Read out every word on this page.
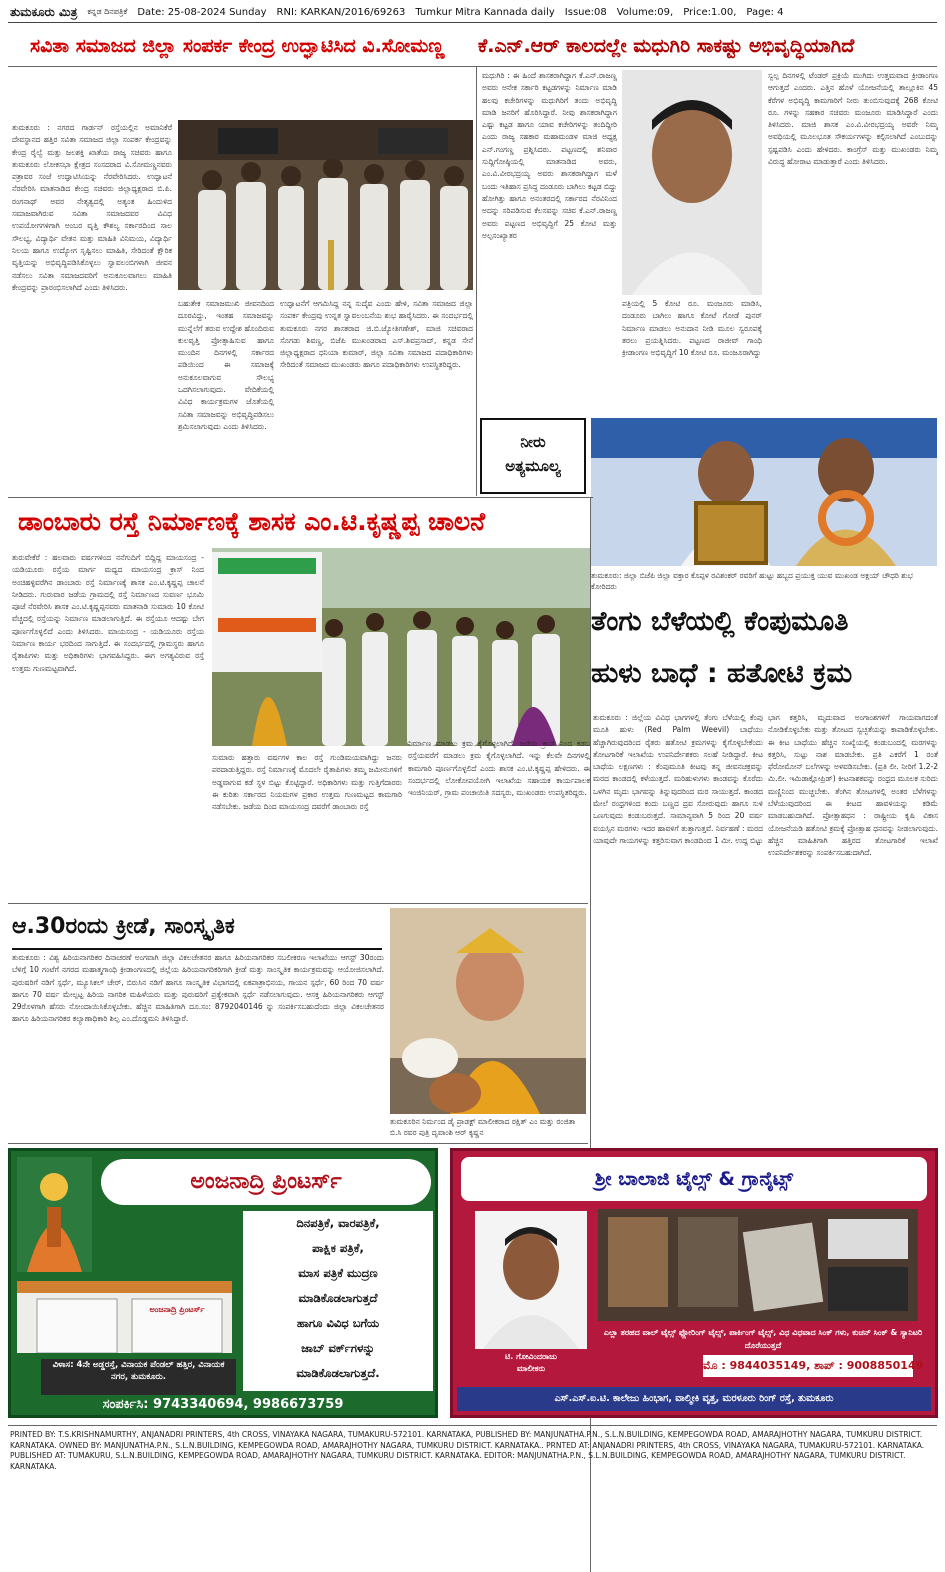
ತುಮಕೂರು ಮಿತ್ರ ಕನ್ನಡ ದಿನಪತ್ರಿಕೆ Date: 25-08-2024 Sunday RNI: KARKAN/2016/69263 Tumkur Mitra Kannada daily Issue:08 Volume:09, Price:1.00, Page: 4
ಸವಿತಾ ಸಮಾಜದ ಜಿಲ್ಲಾ ಸಂಪರ್ಕ ಕೇಂದ್ರ ಉದ್ಘಾಟಿಸಿದ ವಿ.ಸೋಮಣ್ಣ	ಕೆ.ಎನ್.ಆರ್ ಕಾಲದಲ್ಲೇ ಮಧುಗಿರಿ ಸಾಕಷ್ಟು ಅಭಿವೃದ್ಧಿಯಾಗಿದೆ
ತುಮಕೂರು : ನಗರದ ಗಾರ್ಡನ್ ರಸ್ತೆಯಲ್ಲಿನ ಅಮಾನಿಕೆರೆ ದೇವಸ್ಥಾನದ ಹತ್ತಿರ ಸವಿತಾ ಸಮಾಜದ ಜಿಲ್ಲಾ ಸಂಪರ್ಕ ಕೇಂದ್ರವನ್ನು ಕೇಂದ್ರ ರೈಲ್ವೆ ಮತ್ತು ಜಲಶಕ್ತಿ ಖಾತೆಯ ರಾಜ್ಯ ಸಚಿವರು ಹಾಗೂ ತುಮಕೂರು ಲೋಕಸಭಾ ಕ್ಷೇತ್ರದ ಸಂಸದರಾದ ವಿ.ಸೋಮಣ್ಣನವರು ಪತ್ರಾವರ ಸಂಜೆ ಉದ್ಘಾಟಿಸಿಯನ್ನು ನೆರವೇರಿಸಿದರು. ಉದ್ಘಾಟನೆ ನೆರವೇರಿಸಿ ಮಾತನಾಡಿದ ಕೇಂದ್ರ ಸಚಿವರು ಜಿಲ್ಲಾಧ್ಯಕ್ಷರಾದ ಬಿ.ಪಿ. ರಂಗನಾಥ್ ಅವರ ನೇತೃತ್ವದಲ್ಲಿ ಅತ್ಯಂತ ಹಿಂದುಳಿದ ಸಮಾಜವಾಗಿರುವ ಸವಿತಾ ಸಮಾಜದವರ ವಿವಿಧ ಉಪಯೋಗಗಳಿಗಾಗಿ ಅಂಬರ ವೃತ್ತಿ ಕೌಶಲ್ಯ ಸರ್ಕಾರದಿಂದ ಸಾಲ ಸೌಲಭ್ಯ, ವಿದ್ಯಾರ್ಥಿ ವೇತನ ಮತ್ತು ಮಾಹಿತಿ ವಿನಿಮಯ, ವಿದ್ಯಾರ್ಥಿ ನಿಲಯ ಹಾಗೂ ಉದ್ಯೋಗ ಸೃಷ್ಟಿಸಲು ಮಾಹಿತಿ, ಸೇರಿದಂತೆ ಕ್ಷೌರಿಕ ವೃತ್ತಿಯನ್ನು ಅಭಿವೃದ್ಧಿಪಡಿಸಿಕೊಳ್ಳಲು ಸ್ವಾವಲಂಬಿಗಳಾಗಿ ಜೀವನ ನಡೆಸಲು ಸವಿತಾ ಸಮಾಜದವರಿಗೆ ಅನುಕೂಲವಾಗಲು ಮಾಹಿತಿ ಕೇಂದ್ರವನ್ನು ಪ್ರಾರಂಭಿಸಲಾಗಿದೆ ಎಂದು ತಿಳಿಸಿದರು.
ಬಹುತೇಕ ಸಮಾಜಮುಖಿ ಜೀವನದಿಂದ ದೂರವಿದ್ದು, ಇಂತಹ ಸಮಾಜವನ್ನು ಮುನ್ನೆಲೆಗೆ ತರುವ ಉದ್ದೇಶ ಹೊಂದಿರುವ ಕುಲವೃತ್ತಿ ಪ್ರೋತ್ಸಾಹಿಸುವ ಹಾಗೂ ಮುಂದಿನ ದಿನಗಳಲ್ಲಿ ಸರ್ಕಾರದ ಪಡಿಯಿಂದ ಈ ಸಮಾಜಕ್ಕೆ ಅನುಕೂಲವಾಗುವ ಸೌಲಭ್ಯ ಒದಗಿಸಲಾಗುವುದು. ವೇದಿಕೆಯಲ್ಲಿ ವಿವಿಧ ಕಾರ್ಯಕ್ರಮಗಳ ಜೊತೆಯಲ್ಲಿ ಸವಿತಾ ಸಮಾಜವನ್ನು ಅಭಿವೃದ್ಧಿಪಡಿಸಲು ಶ್ರಮಿಸಲಾಗುವುದು ಎಂದು ತಿಳಿಸಿದರು.
ಉದ್ಘಾಟನೆಗೆ ಆಗಮಿಸಿದ್ದ ನನ್ನ ಸುದೈವ ಎಂದು ಹೇಳಿ, ಸವಿತಾ ಸಮಾಜದ ಜಿಲ್ಲಾ ಸಂಪರ್ಕ ಕೇಂದ್ರವು ಉನ್ನತ ಸ್ವಾವಲಂಬನೆಯ ಶುಭ ಹಾರೈಸಿದರು. ಈ ಸಂದರ್ಭದಲ್ಲಿ ತುಮಕೂರು ನಗರ ಶಾಸಕರಾದ ಜಿ.ಬಿ.ಜ್ಯೋತಿಗಣೇಶ್, ಮಾಜಿ ಸಚಿವರಾದ ಸೊಗಡು ಶಿವಣ್ಣ, ಬಿಜೆಪಿ ಮುಖಂಡರಾದ ಎಸ್.ಶಿವಪ್ರಸಾದ್, ಕನ್ನಡ ಸೇನೆ ಜಿಲ್ಲಾಧ್ಯಕ್ಷರಾದ ಧನಿಯಾ ಕುಮಾರ್, ಜಿಲ್ಲಾ ಸವಿತಾ ಸಮಾಜದ ಪದಾಧಿಕಾರಿಗಳು ಸೇರಿದಂತೆ ಸಮಾಜದ ಮುಖಂಡರು ಹಾಗೂ ಪದಾಧಿಕಾರಿಗಳು ಉಪಸ್ಥಿತರಿದ್ದರು.
ಮಧುಗಿರಿ : ಈ ಹಿಂದೆ ಶಾಸಕರಾಗಿದ್ದಾಗ ಕೆ.ಎನ್.ರಾಜಣ್ಣ ಅವರು ಅನೇಕ ಸರ್ಕಾರಿ ಕಟ್ಟಡಗಳನ್ನು ನಿರ್ಮಾಣ ಮಾಡಿ ಹಲವು ಕಚೇರಿಗಳನ್ನು ಮಧುಗಿರಿಗೆ ತಂದು ಅಭಿವೃದ್ಧಿ ಮಾಡಿ ಜನರಿಗೆ ಹೊರಿಸಿದ್ದಾರೆ. ನೀವು ಶಾಸಕರಾಗಿದ್ದಾಗ ಎಷ್ಟು ಕಟ್ಟಡ ಹಾಗೂ ಯಾವ ಕಚೇರಿಗಳನ್ನು ತಂದಿದ್ದೀರಿ ಎಂದು ರಾಜ್ಯ ಸಹಕಾರ ಮಹಾಮಂಡಳ ಮಾಜಿ ಅಧ್ಯಕ್ಷ ಎನ್.ಗಂಗಣ್ಣ ಪ್ರಶ್ನಿಸಿದರು. ಪಟ್ಟಣದಲ್ಲಿ ಶನಿವಾರ ಸುದ್ದಿಗೋಷ್ಠಿಯಲ್ಲಿ ಮಾತನಾಡಿದ ಅವರು, ಎಂ.ವಿ.ವೀರಭದ್ರಯ್ಯ ಅವರು ಶಾಸಕರಾಗಿದ್ದಾಗ ಮಳೆ ಬಂದು ಇತಿಹಾಸ ಪ್ರಸಿದ್ಧ ದಂಡೂರು ಬಾಗಿಲು ಕಟ್ಟಡ ಬಿದ್ದು ಹೋಗಿತ್ತು ಹಾಗೂ ಅನಂತರದಲ್ಲಿ ಸರ್ಕಾರದ ನೆರವಿನಿಂದ ಅದನ್ನು ಸರಿಪಡಿಸುವ ಕೆಲಸವನ್ನು ಸಚಿವ ಕೆ.ಎನ್.ರಾಜಣ್ಣ ಅವರು ಪಟ್ಟಣದ ಅಭಿವೃದ್ಧಿಗೆ 25 ಕೋಟಿ ಮತ್ತು ಅಲ್ಪಸಂಖ್ಯಾತರ
ಪತ್ರಿಯಲ್ಲಿ 5 ಕೋಟಿ ರೂ. ಮಂಜೂರು ಮಾಡಿಸಿ, ದಂಡೂರು ಬಾಗಿಲು ಹಾಗೂ ಕೋಟೆ ಗೋಡೆ ಪುನರ್ ನಿರ್ಮಾಣ ಮಾಡಲು ಅನುದಾನ ನೀಡಿ ಮೂಲ ಸ್ವರೂಪಕ್ಕೆ ತರಲು ಪ್ರಯತ್ನಿಸಿದರು. ಪಟ್ಟಣದ ರಾಜೀವ್ ಗಾಂಧಿ ಕ್ರೀಡಾಂಗಣ ಅಭಿವೃದ್ಧಿಗೆ 10 ಕೋಟಿ ರೂ. ಮಂಜೂರಾಗಿದ್ದು
ಸ್ವಲ್ಪ ದಿನಗಳಲ್ಲಿ ಟೆಂಡರ್ ಪ್ರಕ್ರಿಯೆ ಮುಗಿದು ಉತ್ತಮವಾದ ಕ್ರೀಡಾಂಗಣ ಆಗುತ್ತದೆ ಎಂದರು. ಎತ್ತಿನ ಹೊಳೆ ಯೋಜನೆಯಲ್ಲಿ ತಾಲ್ಲೂಕಿನ 45 ಕೆರೆಗಳ ಅಭಿವೃದ್ಧಿ ಕಾಮಗಾರಿಗೆ ನೀರು ತುಂಬಿಸುವುದಕ್ಕೆ 268 ಕೋಟಿ ರೂ. ಗಳನ್ನು ಸಹಕಾರ ಸಚಿವರು ಮಂಜೂರು ಮಾಡಿಸಿದ್ದಾರೆ ಎಂದು ತಿಳಿಸಿದರು. ಮಾಜಿ ಶಾಸಕ ಎಂ.ವಿ.ವೀರಭದ್ರಯ್ಯ ಅವರೇ ನಿಮ್ಮ ಅವಧಿಯಲ್ಲಿ ಮೂಲಭೂತ ಸೌಕರ್ಯಗಳನ್ನು ಕಲ್ಪಿಸಲಾಗಿದೆ ಎಂಬುದನ್ನು ಸ್ಪಷ್ಟಪಡಿಸಿ ಎಂದು ಹೇಳಿದರು. ಕಾಂಗ್ರೆಸ್ ಮತ್ತು ಮುಖಂಡರು ನಿಮ್ಮ ವಿರುದ್ಧ ಹೋರಾಟ ಮಾಡುತ್ತಾರೆ ಎಂದು ತಿಳಿಸಿದರು.
ನೀರು
ಅತ್ಯಮೂಲ್ಯ
ಡಾಂಬಾರು ರಸ್ತೆ ನಿರ್ಮಾಣಕ್ಕೆ ಶಾಸಕ ಎಂ.ಟಿ.ಕೃಷ್ಣಪ್ಪ ಚಾಲನೆ
ತುರುವೇಕೆರೆ : ಹಲವಾರು ವರ್ಷಗಳಿಂದ ನನೆಗುದಿಗೆ ಬಿದ್ದಿದ್ದ ಮಾಯಸಂದ್ರ - ಯಡಿಯೂರು ರಸ್ತೆಯ ಮಾರ್ಗ ಮಧ್ಯದ ಮಾಯಸಂದ್ರ ಕ್ರಾಸ್ ನಿಂದ ಅಂಚಿಹಳ್ಳಿವರೆಗಿನ ಡಾಂಬಾರು ರಸ್ತೆ ನಿರ್ಮಾಣಕ್ಕೆ ಶಾಸಕ ಎಂ.ಟಿ.ಕೃಷ್ಣಪ್ಪ ಚಾಲನೆ ನೀಡಿದರು. ಗುರುವಾರ ಜಡೆಯ ಗ್ರಾಮದಲ್ಲಿ ರಸ್ತೆ ನಿರ್ಮಾಣದ ಸುವರ್ಣ ಭೂಮಿ ಪೂಜೆ ನೆರವೇರಿಸಿ ಶಾಸಕ ಎಂ.ಟಿ.ಕೃಷ್ಣಪ್ಪನವರು ಮಾತನಾಡಿ ಸುಮಾರು 10 ಕೋಟಿ ವೆಚ್ಚದಲ್ಲಿ ರಸ್ತೆಯನ್ನು ನಿರ್ಮಾಣ ಮಾಡಲಾಗುತ್ತಿದೆ. ಈ ರಸ್ತೆಯೂ ಆದಷ್ಟು ಬೇಗ ಪೂರ್ಣಗೊಳ್ಳಲಿದೆ ಎಂದು ತಿಳಿಸಿದರು. ಮಾಯಸಂದ್ರ - ಯಡಿಯೂರು ರಸ್ತೆಯ ನಿರ್ಮಾಣ ಕಾರ್ಯ ಭರದಿಂದ ಸಾಗುತ್ತಿದೆ. ಈ ಸಂದರ್ಭದಲ್ಲಿ ಗ್ರಾಮಸ್ಥರು ಹಾಗೂ ರೈತಾಪಿಗಳು ಮತ್ತು ಅಧಿಕಾರಿಗಳು ಭಾಗವಹಿಸಿದ್ದರು. ಈಗ ಅಗತ್ಯವಿರುವ ರಸ್ತೆ ಉತ್ತಮ ಗುಣಮಟ್ಟವಾಗಿದೆ.
ಸುಮಾರು ಹತ್ತಾರು ವರ್ಷಗಳ ಕಾಲ ರಸ್ತೆ ಗುಂಡಿಮಯವಾಗಿದ್ದು ಜನರು ಪರದಾಡುತ್ತಿದ್ದರು. ರಸ್ತೆ ನಿರ್ಮಾಣಕ್ಕೆ ಮೊದಲೇ ರೈತಾಪಿಗಳು ತಮ್ಮ ಜಮೀನುಗಳಿಗೆ ಅಡ್ಡವಾಗುವ ಕಡೆ ಸ್ಥಳ ಬಿಟ್ಟು ಕೊಟ್ಟಿದ್ದಾರೆ. ಅಧಿಕಾರಿಗಳು ಮತ್ತು ಗುತ್ತಿಗೆದಾರರು ಈ ಕುರಿತು ಸರ್ಕಾರದ ನಿಯಮಗಳ ಪ್ರಕಾರ ಉತ್ತಮ ಗುಣಮಟ್ಟದ ಕಾಮಗಾರಿ ನಡೆಸಬೇಕು. ಜಡೆಯ ದಿಂದ ಮಾಯಸಂದ್ರ ದವರೆಗೆ ಡಾಂಬಾರು ರಸ್ತೆ
ನಿರ್ಮಾಣ ಮಾಡಲು ಕ್ರಮ ಕೈಗೊಳ್ಳಲಾಗಿದೆ. ಜಡೆಯ ಕ್ರಾಸ್ ನಿಂದ ಕಡಬ ರಸ್ತೆಯವರೆಗೆ ಮಾಡಲು ಕ್ರಮ ಕೈಗೊಳ್ಳಲಾಗಿದೆ. ಇನ್ನು ಕೆಲವೇ ದಿನಗಳಲ್ಲಿ ಕಾಮಗಾರಿ ಪೂರ್ಣಗೊಳ್ಳಲಿದೆ ಎಂದು ಶಾಸಕ ಎಂ.ಟಿ.ಕೃಷ್ಣಪ್ಪ ಹೇಳಿದರು. ಈ ಸಂದರ್ಭದಲ್ಲಿ ಲೋಕೋಪಯೋಗಿ ಇಲಾಖೆಯ ಸಹಾಯಕ ಕಾರ್ಯಪಾಲಕ ಇಂಜಿನಿಯರ್, ಗ್ರಾಮ ಪಂಚಾಯಿತಿ ಸದಸ್ಯರು, ಮುಖಂಡರು ಉಪಸ್ಥಿತರಿದ್ದರು.
ತುಮಕೂರು: ಜಿಲ್ಲಾ ಬಿಜೆಪಿ ಜಿಲ್ಲಾ ವಕ್ತಾರ ಕೊಪ್ಪಳ ರವಿಶಂಕರ್ ರವರಿಗೆ ಹುಟ್ಟು ಹಬ್ಬದ ಪ್ರಯುಕ್ತ ಯುವ ಮುಖಂಡ ಅಕ್ಷಯ್ ಚೌಧರಿ ಶುಭ ಕೋರಿದರು
ತೆಂಗು ಬೆಳೆಯಲ್ಲಿ ಕೆಂಪುಮೂತಿ
ಹುಳು ಬಾಧೆ : ಹತೋಟಿ ಕ್ರಮ
ತುಮಕೂರು : ಜಿಲ್ಲೆಯ ವಿವಿಧ ಭಾಗಗಳಲ್ಲಿ ತೆಂಗು ಬೆಳೆಯಲ್ಲಿ ಕೆಂಪು ಮೂತಿ ಹುಳು (Red Palm Weevil) ಬಾಧೆಯು ಹೆಚ್ಚಾಗಿರುವುದರಿಂದ ರೈತರು ಹತೋಟಿ ಕ್ರಮಗಳನ್ನು ಕೈಗೊಳ್ಳಬೇಕೆಂದು ತೋಟಗಾರಿಕೆ ಇಲಾಖೆಯ ಉಪನಿರ್ದೇಶಕರು ಸಲಹೆ ನೀಡಿದ್ದಾರೆ. ಕೀಟ ಬಾಧೆಯ ಲಕ್ಷಣಗಳು : ಕೆಂಪುಮೂತಿ ಕೀಟವು ತನ್ನ ಜೀವನಚಕ್ರವನ್ನು ಮರದ ಕಾಂಡದಲ್ಲಿ ಕಳೆಯುತ್ತದೆ. ಮರಿಹುಳುಗಳು ಕಾಂಡವನ್ನು ಕೊರೆದು ಒಳಗಿನ ಮೃದು ಭಾಗವನ್ನು ತಿನ್ನುವುದರಿಂದ ಮರ ಸಾಯುತ್ತದೆ. ಕಾಂಡದ ಮೇಲೆ ರಂಧ್ರಗಳಿಂದ ಕಂದು ಬಣ್ಣದ ದ್ರವ ಸೋರುವುದು ಹಾಗೂ ಸುಳಿ ಒಣಗುವುದು ಕಂಡುಬರುತ್ತದೆ. ಸಾಮಾನ್ಯವಾಗಿ 5 ರಿಂದ 20 ವರ್ಷ ವಯಸ್ಸಿನ ಮರಗಳು ಇದರ ಹಾವಳಿಗೆ ತುತ್ತಾಗುತ್ತವೆ. ನಿರ್ವಹಣೆ : ಮರದ ಯಾವುದೇ ಗಾಯಗಳನ್ನು ಕತ್ತರಿಸುವಾಗ ಕಾಂಡದಿಂದ 1 ಮೀ. ಉದ್ದ ಬಿಟ್ಟು
ಭಾಗ ಕತ್ತರಿಸಿ, ಮೃದುವಾದ ಅಂಗಾಂಶಗಳಿಗೆ ಗಾಯವಾಗದಂತೆ ನೋಡಿಕೊಳ್ಳಬೇಕು ಮತ್ತು ತೋಟದ ಸ್ವಚ್ಛತೆಯನ್ನು ಕಾಪಾಡಿಕೊಳ್ಳಬೇಕು. ಈ ಕೀಟ ಬಾಧೆಯು ಹೆಚ್ಚಿನ ಸಂಖ್ಯೆಯಲ್ಲಿ ಕಂಡುಬಂದಲ್ಲಿ ಮರಗಳನ್ನು ಕತ್ತರಿಸಿ, ಸುಟ್ಟು ನಾಶ ಮಾಡಬೇಕು. ಪ್ರತಿ ಎಕರೆಗೆ 1 ರಂತೆ ಫೆರೋಮೋನ್ ಬಲೆಗಳನ್ನು ಅಳವಡಿಸಬೇಕು. (ಪ್ರತಿ ಲೀ. ನೀರಿಗೆ 1.2-2 ಮಿ.ಲೀ. ಇಮಿಡಾಕ್ಲೋಪ್ರಿಡ್) ಕೀಟನಾಶಕವನ್ನು ರಂಧ್ರದ ಮೂಲಕ ಸುರಿದು ಮಣ್ಣಿನಿಂದ ಮುಚ್ಚಬೇಕು. ತೆಂಗಿನ ತೋಟಗಳಲ್ಲಿ ಅಂತರ ಬೆಳೆಗಳನ್ನು ಬೆಳೆಯುವುದರಿಂದ ಈ ಕೀಟದ ಹಾವಳಿಯನ್ನು ಕಡಿಮೆ ಮಾಡಬಹುದಾಗಿದೆ. ಪ್ರೋತ್ಸಾಹಧನ : ರಾಷ್ಟ್ರೀಯ ಕೃಷಿ ವಿಕಾಸ ಯೋಜನೆಯಡಿ ಹತೋಟಿ ಕ್ರಮಕ್ಕೆ ಪ್ರೋತ್ಸಾಹ ಧನವನ್ನು ನೀಡಲಾಗುವುದು. ಹೆಚ್ಚಿನ ಮಾಹಿತಿಗಾಗಿ ಹತ್ತಿರದ ತೋಟಗಾರಿಕೆ ಇಲಾಖೆ ಉಪನಿರ್ದೇಶಕರನ್ನು ಸಂಪರ್ಕಿಸಬಹುದಾಗಿದೆ.
ಆ.30ರಂದು ಕ್ರೀಡೆ, ಸಾಂಸ್ಕೃತಿಕ
ತುಮಕೂರು : ವಿಶ್ವ ಹಿರಿಯನಾಗರಿಕರ ದಿನಾಚರಣೆ ಅಂಗವಾಗಿ ಜಿಲ್ಲಾ ವಿಕಲಚೇತನರ ಹಾಗೂ ಹಿರಿಯನಾಗರಿಕರ ಸಬಲೀಕರಣ ಇಲಾಖೆಯು ಆಗಸ್ಟ್ 30ರಂದು ಬೆಳಿಗ್ಗೆ 10 ಗಂಟೆಗೆ ನಗರದ ಮಹಾತ್ಮಗಾಂಧಿ ಕ್ರೀಡಾಂಗಣದಲ್ಲಿ ಜಿಲ್ಲೆಯ ಹಿರಿಯನಾಗರಿಕರಿಗಾಗಿ ಕ್ರೀಡೆ ಮತ್ತು ಸಾಂಸ್ಕೃತಿಕ ಕಾರ್ಯಕ್ರಮವನ್ನು ಆಯೋಜಿಸಲಾಗಿದೆ. ಪುರುಷರಿಗೆ ನಡಿಗೆ ಸ್ಪರ್ಧೆ, ಮ್ಯೂಸಿಕಲ್ ಚೇರ್, ಬಿರುಸಿನ ನಡಿಗೆ ಹಾಗೂ ಸಾಂಸ್ಕೃತಿಕ ವಿಭಾಗದಲ್ಲಿ ಏಕಪಾತ್ರಾಭಿನಯ, ಗಾಯನ ಸ್ಪರ್ಧೆ, 60 ರಿಂದ 70 ವರ್ಷ ಹಾಗೂ 70 ವರ್ಷ ಮೇಲ್ಪಟ್ಟ ಹಿರಿಯ ನಾಗರಿಕ ಮಹಿಳೆಯರು ಮತ್ತು ಪುರುಷರಿಗೆ ಪ್ರತ್ಯೇಕವಾಗಿ ಸ್ಪರ್ಧೆ ನಡೆಸಲಾಗುವುದು. ಆಸಕ್ತ ಹಿರಿಯನಾಗರಿಕರು ಆಗಸ್ಟ್ 29ರೊಳಗಾಗಿ ಹೆಸರು ನೋಂದಾಯಿಸಿಕೊಳ್ಳಬೇಕು. ಹೆಚ್ಚಿನ ಮಾಹಿತಿಗಾಗಿ ದೂ.ಸಂ: 8792040146 ನ್ನು ಸಂಪರ್ಕಿಸಬಹುದೆಂದು ಜಿಲ್ಲಾ ವಿಕಲಚೇತನರ ಹಾಗೂ ಹಿರಿಯನಾಗರಿಕರ ಕಲ್ಯಾಣಾಧಿಕಾರಿ ಶಿಲ್ಪ ಎಂ.ದೊಡ್ಡಮನಿ ತಿಳಿಸಿದ್ದಾರೆ.
ತುಮಕೂರಿನ ನಿರ್ಮಂದ ಡೈ ಪ್ರಾಡಕ್ಟ್ ಮಾಲೀಕರಾದ ರಕ್ಷಿತ್ ಎಂ ಮತ್ತು ರಂಜಿತಾ ಬಿ.ಸಿ ರವರ ಪುತ್ರಿ ದೃವಾಂಶಿ ಆರ್ ಕೃಷ್ಣನ
ಅಂಜನಾದ್ರಿ ಪ್ರಿಂಟರ್ಸ್
ಅಂಜನಾದ್ರಿ ಪ್ರಿಂಟರ್ಸ್
ದಿನಪತ್ರಿಕೆ, ವಾರಪತ್ರಿಕೆ,
ಪಾಕ್ಷಿಕ ಪತ್ರಿಕೆ,
ಮಾಸ ಪತ್ರಿಕೆ ಮುದ್ರಣ
ಮಾಡಿಕೊಡಲಾಗುತ್ತದೆ
ಹಾಗೂ ವಿವಿಧ ಬಗೆಯ
ಜಾಬ್ ವರ್ಕ್‌ಗಳನ್ನು
ಮಾಡಿಕೊಡಲಾಗುತ್ತದೆ.
ವಿಳಾಸ: 4ನೇ ಅಡ್ಡರಸ್ತೆ, ವಿನಾಯಕ ಪೆಂಡಲ್ ಹತ್ತಿರ, ವಿನಾಯಕ ನಗರ, ತುಮಕೂರು.
ಸಂಪರ್ಕಿಸಿ: 9743340694, 9986673759
ಶ್ರೀ ಬಾಲಾಜಿ ಟೈಲ್ಸ್ & ಗ್ರಾನೈಟ್ಸ್
ಟಿ. ಗೋವಿಂದರಾಜು
ಮಾಲೀಕರು
ಎಲ್ಲಾ ತರಹದ ವಾಲ್ ಟೈಲ್ಸ್ ಫ್ಲೋರಿಂಗ್ ಟೈಲ್ಸ್, ಪಾರ್ಕಿಂಗ್ ಟೈಲ್ಸ್, ವಿಧ ವಿಧವಾದ ಸಿಂಕ್ ಗಳು, ಕುಚನ್ ಸಿಂಕ್ & ಸ್ಯಾನಿಟರಿ ದೊರೆಯುತ್ತದೆ
ಮೊ : 9844035149, ಶಾಪ್ : 9008850149
ಎಸ್.ಎಸ್.ಐ.ಟಿ. ಕಾಲೇಜು ಹಿಂಭಾಗ, ವಾಲ್ಮೀಕಿ ವೃತ್ತ, ಮರಳೂರು ರಿಂಗ್ ರಸ್ತೆ, ತುಮಕೂರು
PRINTED BY: T.S.KRISHNAMURTHY, ANJANADRI PRINTERS, 4th CROSS, VINAYAKA NAGARA, TUMAKURU-572101. KARNATAKA, PUBLISHED BY: MANJUNATHA.P.N., S.L.N.BUILDING, KEMPEGOWDA ROAD, AMARAJHOTHY NAGARA, TUMKURU DISTRICT. KARNATAKA. OWNED BY: MANJUNATHA.P.N., S.L.N.BUILDING, KEMPEGOWDA ROAD, AMARAJHOTHY NAGARA, TUMKURU DISTRICT. KARNATAKA.. PRNTED AT: ANJANADRI PRINTERS, 4th CROSS, VINAYAKA NAGARA, TUMAKURU-572101. KARNATAKA. PUBLISHED AT: TUMAKURU, S.L.N.BUILDING, KEMPEGOWDA ROAD, AMARAJHOTHY NAGARA, TUMKURU DISTRICT. KARNATAKA. EDITOR: MANJUNATHA.P.N., S.L.N.BUILDING, KEMPEGOWDA ROAD, AMARAJHOTHY NAGARA, TUMKURU DISTRICT. KARNATAKA.
